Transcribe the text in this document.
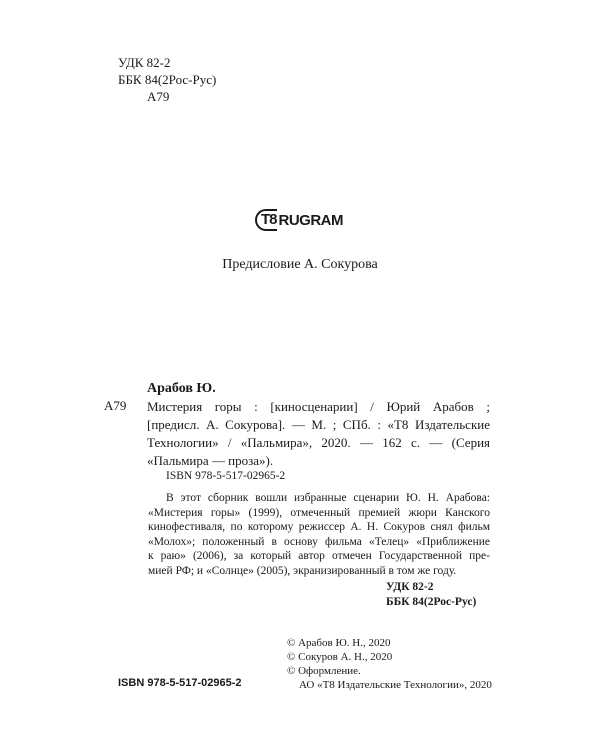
УДК 82-2
ББК 84(2Рос-Рус)
А79
T8 RUGRAM
Предисловие А. Сокурова
Арабов Ю.
А79 Мистерия горы : [киносценарии] / Юрий Арабов ;
[предисл. А. Сокурова]. — М. ; СПб. : «Т8 Издательские
Технологии» / «Пальмира», 2020. — 162 с. — (Серия
«Пальмира — проза»).
ISBN 978-5-517-02965-2
В этот сборник вошли избранные сценарии Ю. Н. Арабова:
«Мистерия горы» (1999), отмеченный премией жюри Канского
кинофестиваля, по которому режиссер А. Н. Сокуров снял фильм
«Молох»; положенный в основу фильма «Телец» «Приближение
к раю» (2006), за который автор отмечен Государственной пре-
мией РФ; и «Солнце» (2005), экранизированный в том же году.
УДК 82-2
ББК 84(2Рос-Рус)
© Арабов Ю. Н., 2020
© Сокуров А. Н., 2020
© Оформление.
АО «Т8 Издательские Технологии», 2020
ISBN 978-5-517-02965-2
